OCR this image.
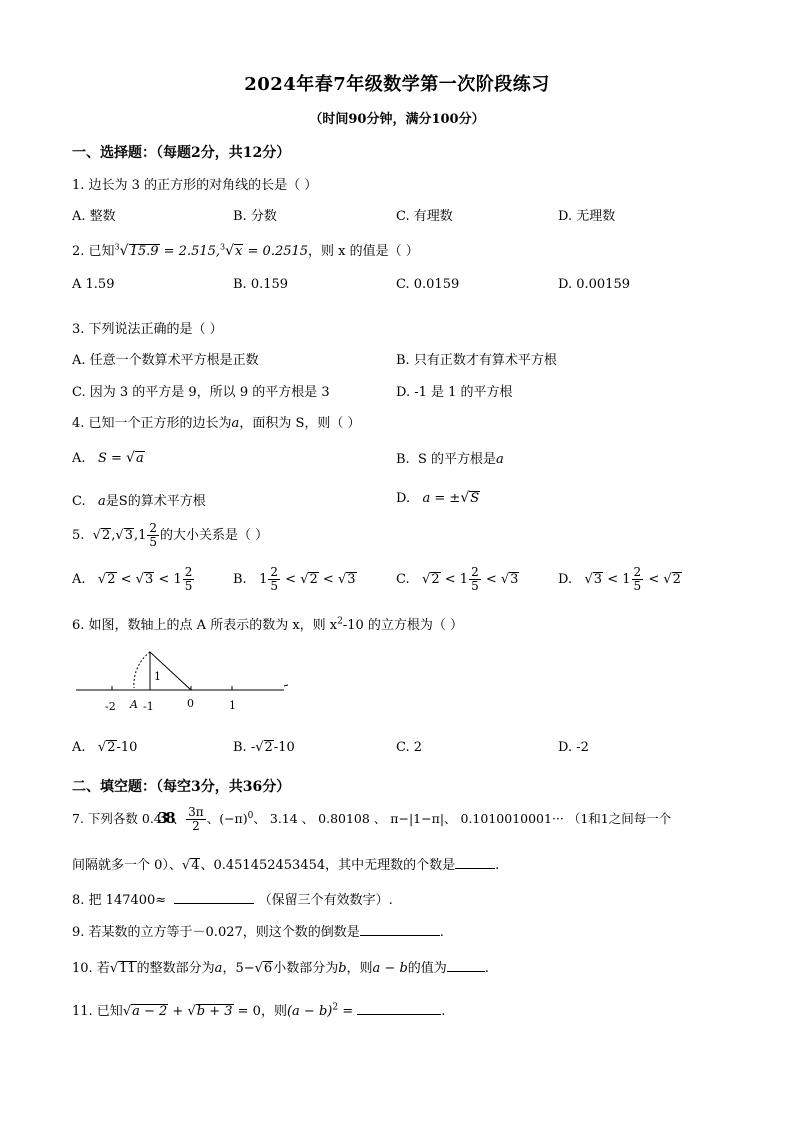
2024年春7年级数学第一次阶段练习
（时间90分钟，满分100分）
一、选择题：（每题2分，共12分）
1. 边长为 3 的正方形的对角线的长是（ ）
A. 整数	B. 分数	C. 有理数	D. 无理数
2. 已知$^3$√15.9 = 2.515,$^3$√x = 0.2515，则 x 的值是（ ）
A 1.59	B. 0.159	C. 0.0159	D. 0.00159
3. 下列说法正确的是（ ）
A. 任意一个数算术平方根是正数	B. 只有正数才有算术平方根
C. 因为 3 的平方是 9，所以 9 的平方根是 3	D. -1 是 1 的平方根
4. 已知一个正方形的边长为a，面积为 S，则（ ）
A. S = √a	B. S 的平方根是a
C. a是S的算术平方根	D. a = ±√S
5. $√2,√3,1 \frac{2}{5}$ 的大小关系是（ ）
A.   $√2 < √3 < 1 \frac{2}{5}$	B. $1 \frac{2}{5} < √2 < √3$	C.   $√2 < 1 \frac{2}{5} < √3$	D.   $√3 < 1 \frac{2}{5} < √2$
6. 如图，数轴上的点 A 所表示的数为 x，则 $x^2-10$ 的立方根为（ ）
1
-2 A -1	0	1
A.   √2-10	B. -√2-10	C. 2	D. -2
二、填空题：（每空3分，共36分）
7. 下列各数 0.438、 $\frac{3\pi}{2}$ 、$(-\pi)^0$、 3.14 、 0.80108 、 π−|1−π|、 0.1010010001··· （1和1之间每一个
间隔就多一个 0）、√4、0.451452453454，其中无理数的个数是	.
8. 把 147400≈	（保留三个有效数字）.
9. 若某数的立方等于－0.027，则这个数的倒数是	.
10. 若√11的整数部分为a，5−√6小数部分为b，则a − b的值为	.
11. 已知√a − 2 + √b + 3 = 0，则$(a - b)^2$ =	.
